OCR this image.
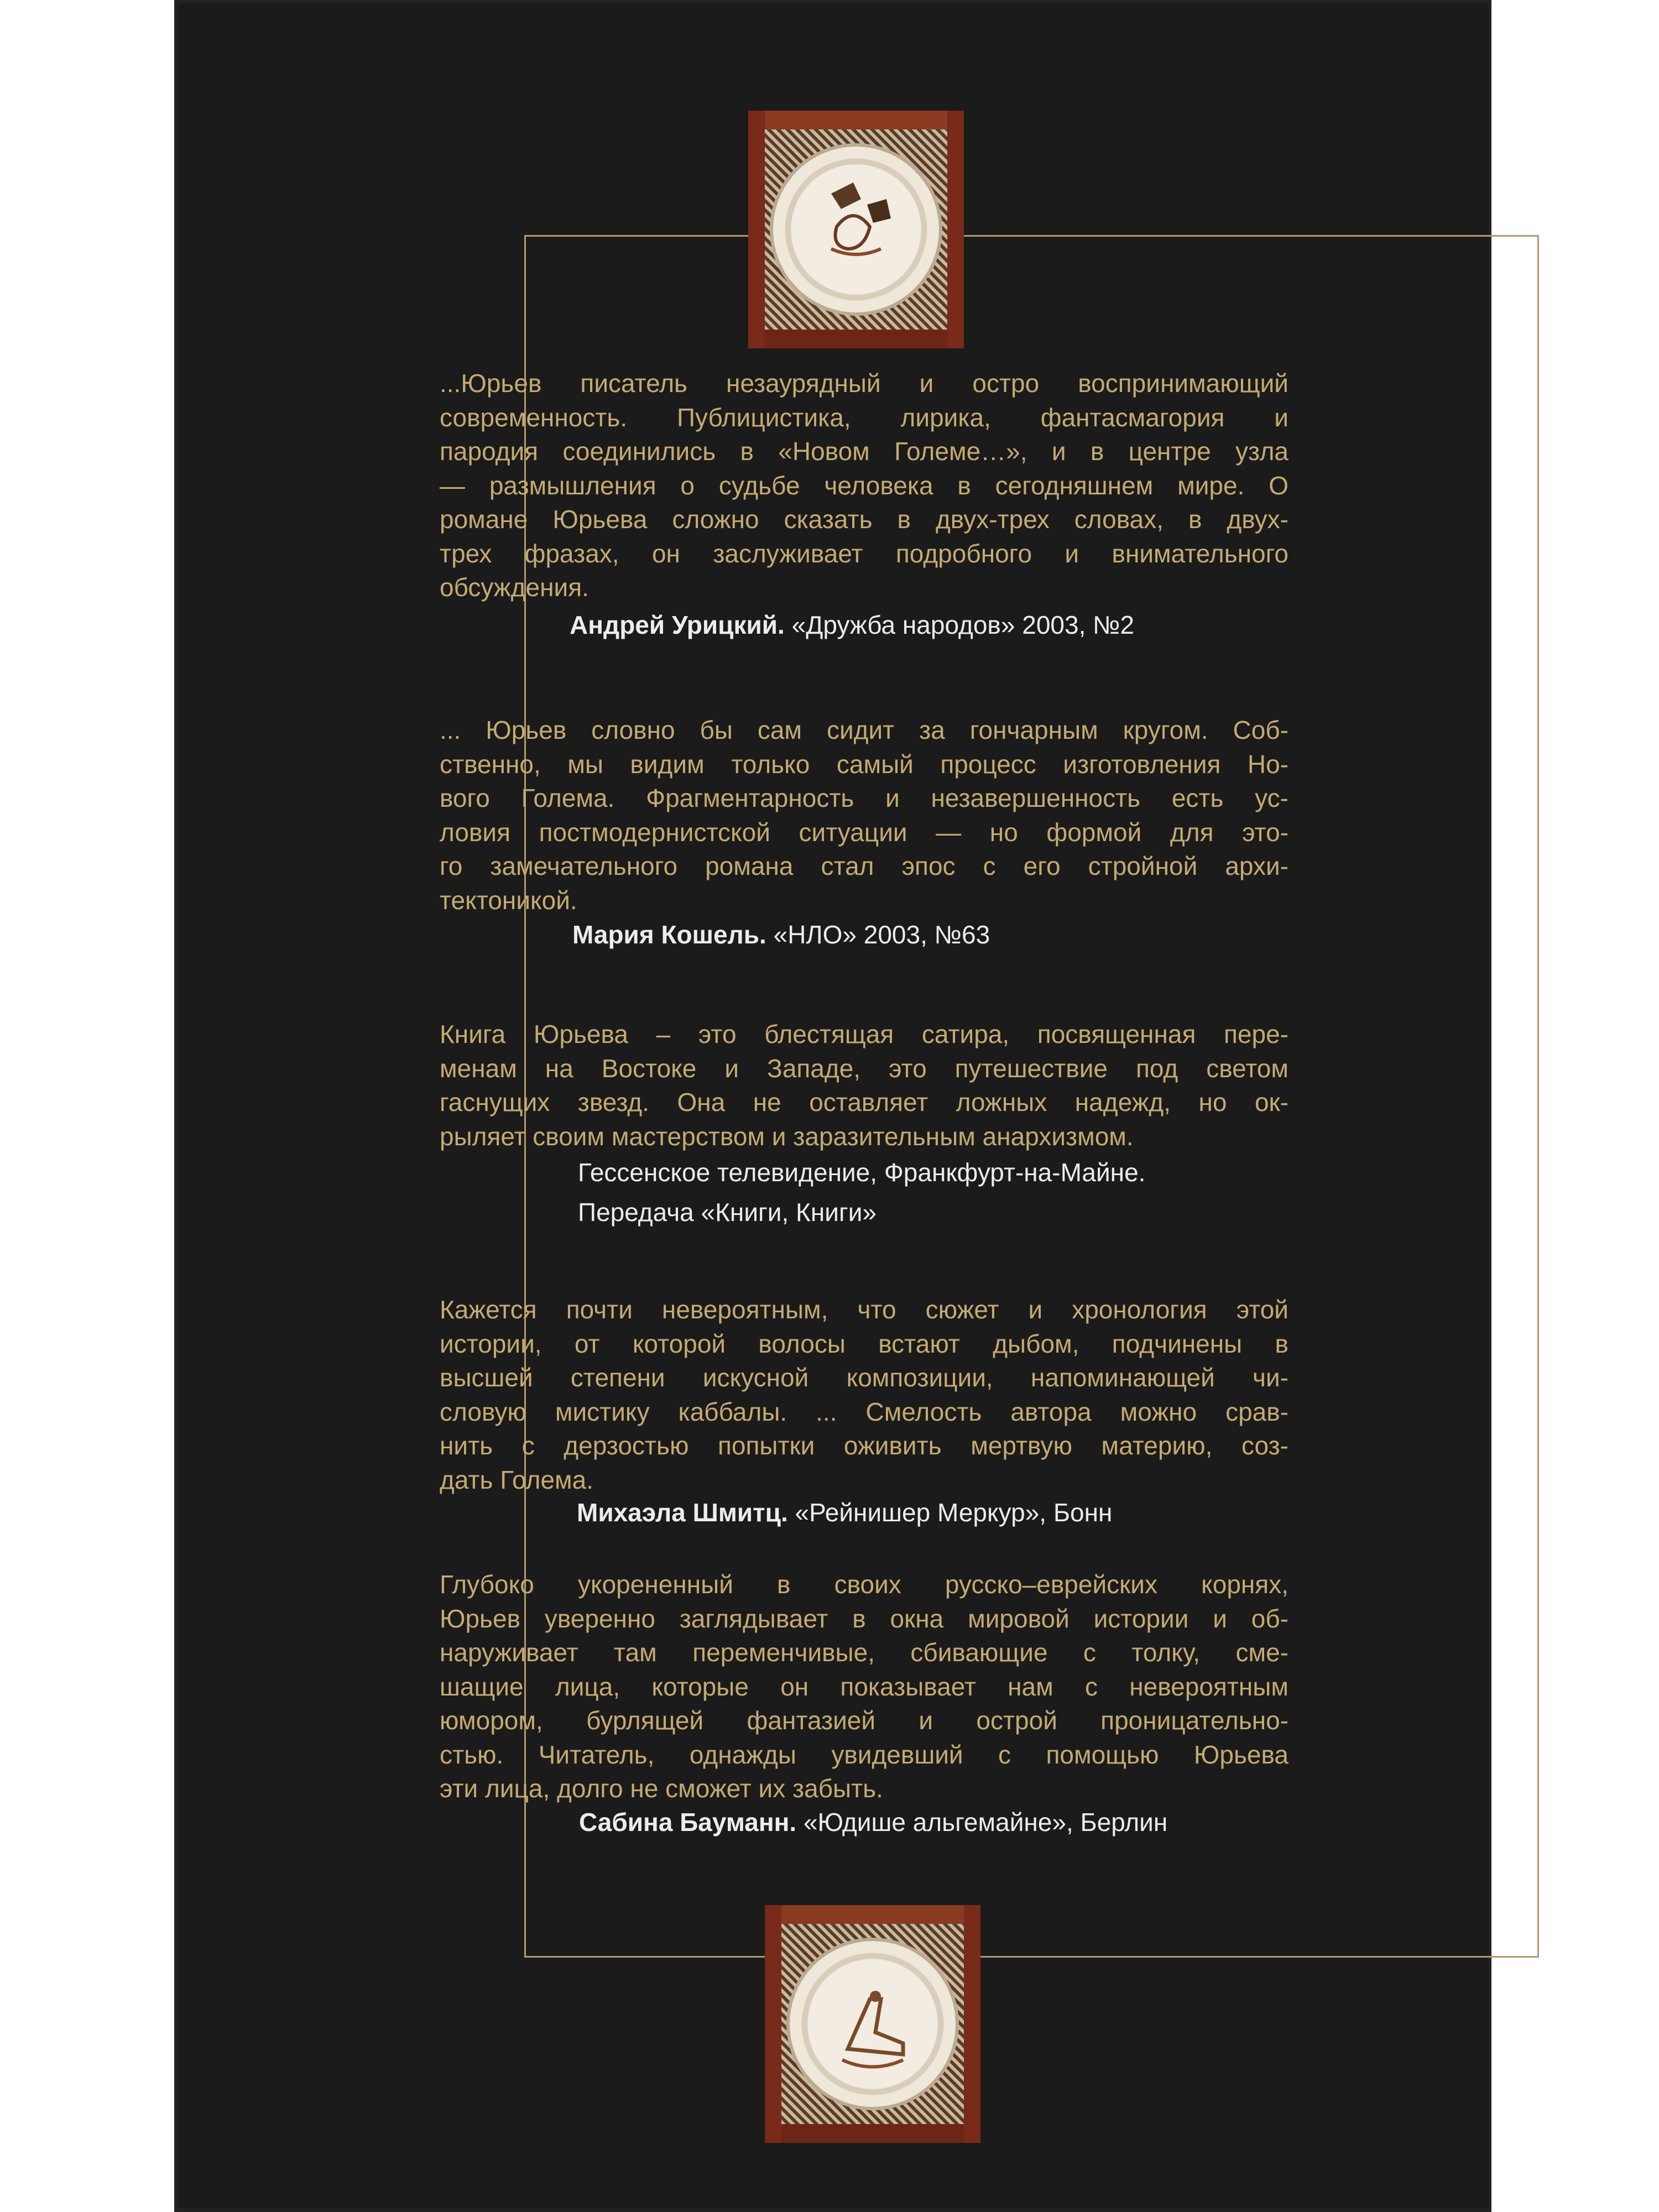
...Юрьев писатель незаурядный и остро воспринимающий
современность. Публицистика, лирика, фантасмагория и
пародия соединились в «Новом Големе…», и в центре узла
— размышления о судьбе человека в сегодняшнем мире. О
романе Юрьева сложно сказать в двух-трех словах, в двух-
трех фразах, он заслуживает подробного и внимательного
обсуждения.
Андрей Урицкий. «Дружба народов» 2003, №2
... Юрьев словно бы сам сидит за гончарным кругом. Соб-
ственно, мы видим только самый процесс изготовления Но-
вого Голема. Фрагментарность и незавершенность есть ус-
ловия постмодернистской ситуации — но формой для это-
го замечательного романа стал эпос с его стройной архи-
тектоникой.
Мария Кошель. «НЛО» 2003, №63
Книга Юрьева – это блестящая сатира, посвященная пере-
менам на Востоке и Западе, это путешествие под светом
гаснущих звезд. Она не оставляет ложных надежд, но ок-
рыляет своим мастерством и заразительным анархизмом.
Гессенское телевидение, Франкфурт-на-Майне.
Передача «Книги, Книги»
Кажется почти невероятным, что сюжет и хронология этой
истории, от которой волосы встают дыбом, подчинены в
высшей степени искусной композиции, напоминающей чи-
словую мистику каббалы. ... Смелость автора можно срав-
нить с дерзостью попытки оживить мертвую материю, соз-
дать Голема.
Михаэла Шмитц. «Рейнишер Меркур», Бонн
Глубоко укорененный в своих русско–еврейских корнях,
Юрьев уверенно заглядывает в окна мировой истории и об-
наруживает там переменчивые, сбивающие с толку, сме-
шащие лица, которые он показывает нам с невероятным
юмором, бурлящей фантазией и острой проницательно-
стью. Читатель, однажды увидевший с помощью Юрьева
эти лица, долго не сможет их забыть.
Сабина Бауманн. «Юдише альгемайне», Берлин
